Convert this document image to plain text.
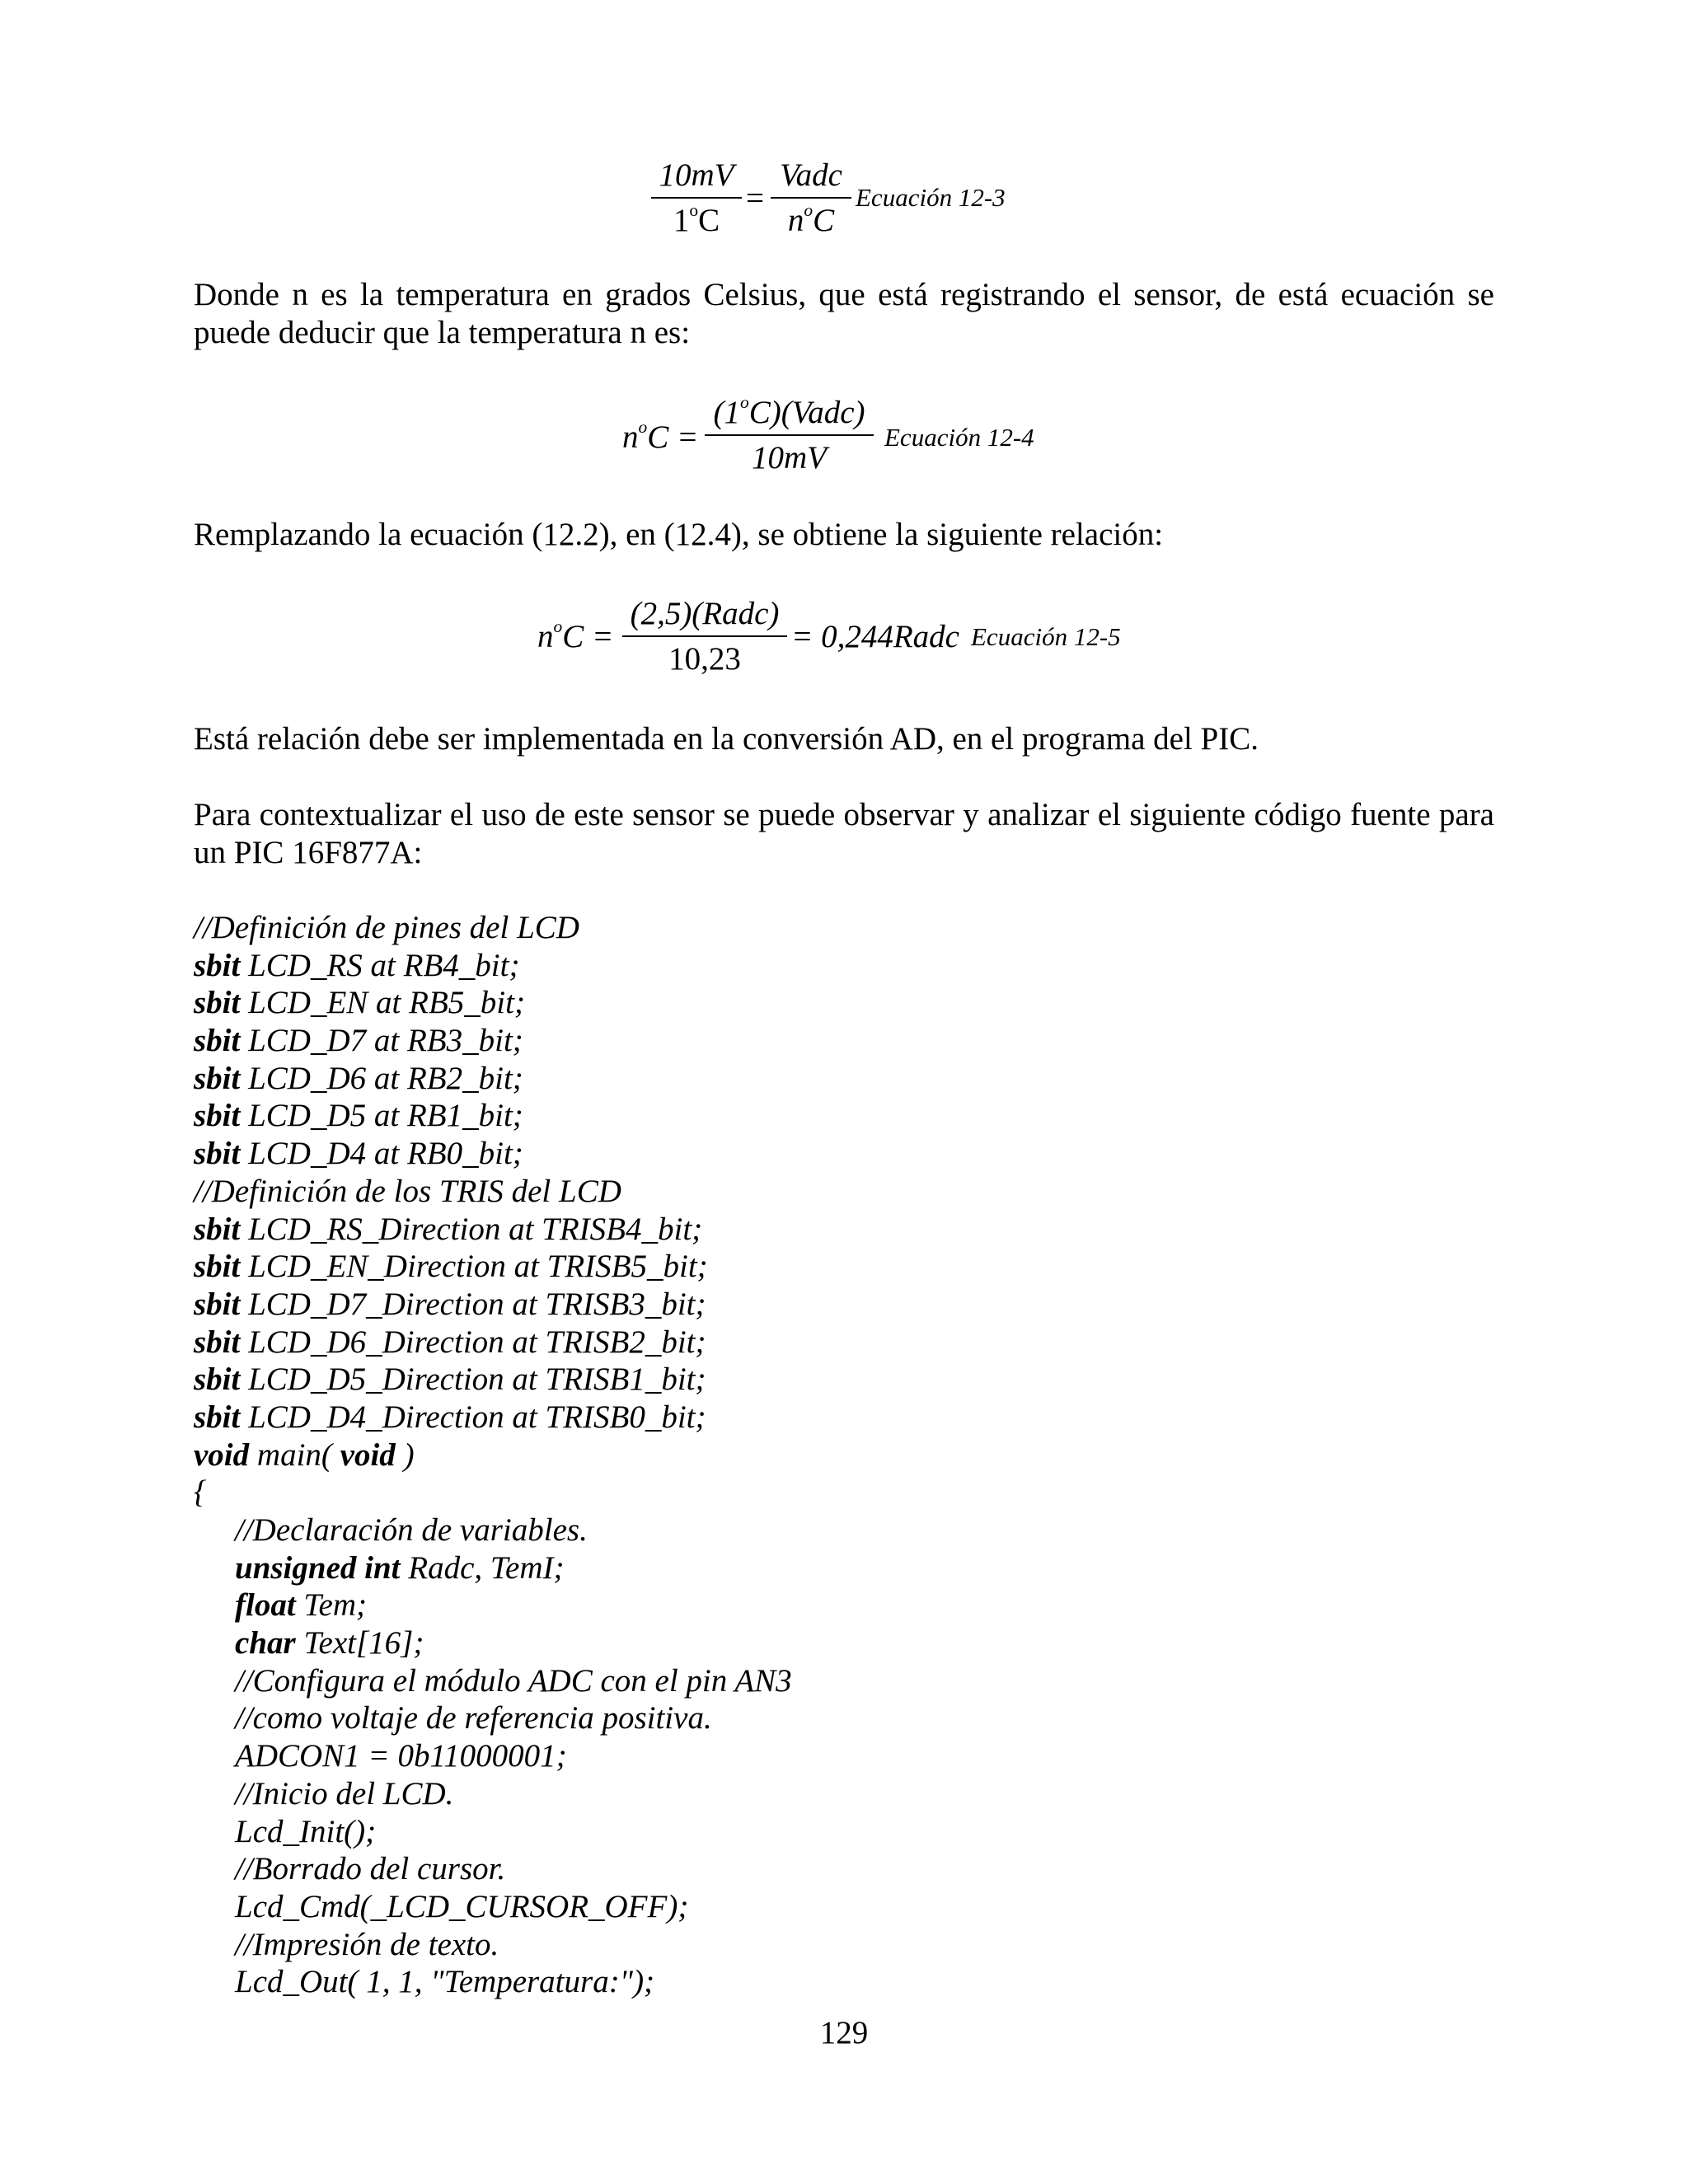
10mV
$1^oC$
=
Vadc
$n^oC$
Ecuación 12-3

Donde n es la temperatura en grados Celsius, que está registrando el sensor, de está ecuación se puede deducir que la temperatura n es:

$n^oC$ =
$(1^oC)(Vadc)$
10mV
Ecuación 12-4

Remplazando la ecuación (12.2), en (12.4), se obtiene la siguiente relación:

$n^oC$ =
(2,5)(Radc)
10,23
= 0,244Radc Ecuación 12-5

Está relación debe ser implementada en la conversión AD, en el programa del PIC.

Para contextualizar el uso de este sensor se puede observar y analizar el siguiente código fuente para un PIC 16F877A:

//Definición de pines del LCD
sbit LCD_RS at RB4_bit;
sbit LCD_EN at RB5_bit;
sbit LCD_D7 at RB3_bit;
sbit LCD_D6 at RB2_bit;
sbit LCD_D5 at RB1_bit;
sbit LCD_D4 at RB0_bit;
//Definición de los TRIS del LCD
sbit LCD_RS_Direction at TRISB4_bit;
sbit LCD_EN_Direction at TRISB5_bit;
sbit LCD_D7_Direction at TRISB3_bit;
sbit LCD_D6_Direction at TRISB2_bit;
sbit LCD_D5_Direction at TRISB1_bit;
sbit LCD_D4_Direction at TRISB0_bit;
void main( void )
{
//Declaración de variables.
unsigned int Radc, TemI;
float Tem;
char Text[16];
//Configura el módulo ADC con el pin AN3
//como voltaje de referencia positiva.
ADCON1 = 0b11000001;
//Inicio del LCD.
Lcd_Init();
//Borrado del cursor.
Lcd_Cmd(_LCD_CURSOR_OFF);
//Impresión de texto.
Lcd_Out( 1, 1, "Temperatura:");
129
